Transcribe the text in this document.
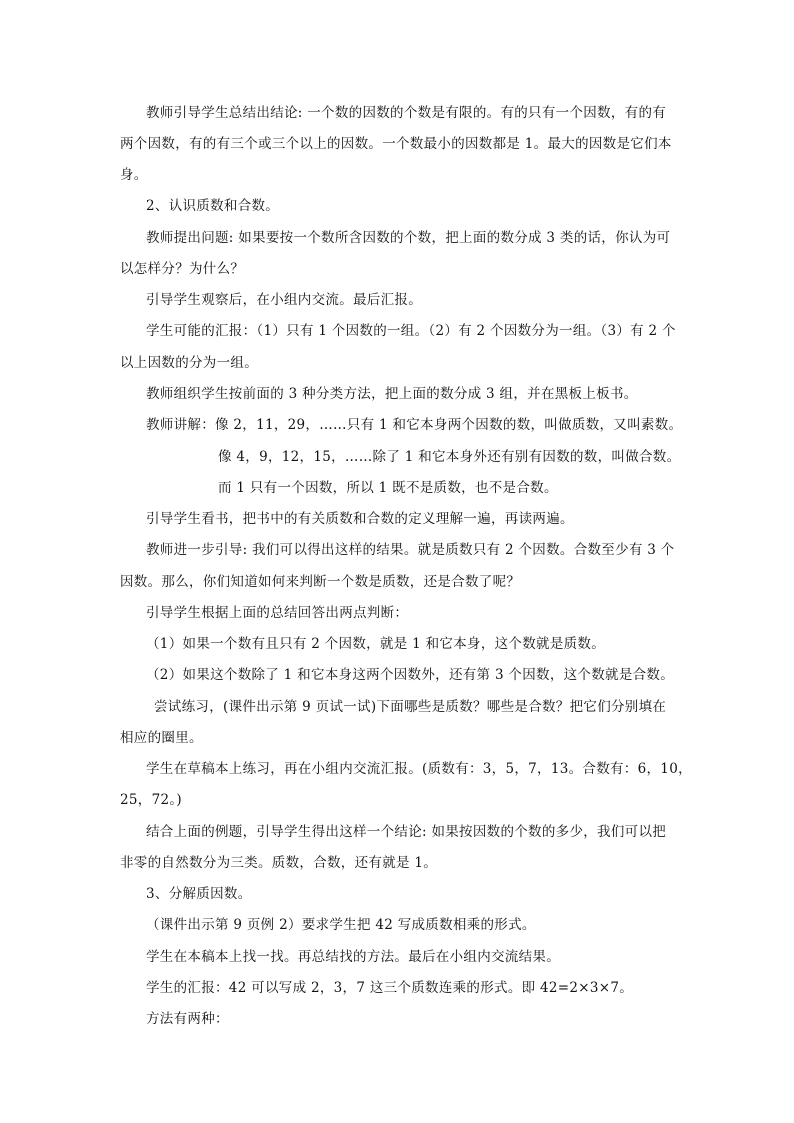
教师引导学生总结出结论: 一个数的因数的个数是有限的。有的只有一个因数，有的有
两个因数，有的有三个或三个以上的因数。一个数最小的因数都是 1。最大的因数是它们本
身。
2、认识质数和合数。
教师提出问题: 如果要按一个数所含因数的个数，把上面的数分成 3 类的话，你认为可
以怎样分？为什么？
引导学生观察后，在小组内交流。最后汇报。
学生可能的汇报：（1）只有 1 个因数的一组。（2）有 2 个因数分为一组。（3）有 2 个
以上因数的分为一组。
教师组织学生按前面的 3 种分类方法，把上面的数分成 3 组，并在黑板上板书。
教师讲解：像 2，11，29，……只有 1 和它本身两个因数的数，叫做质数，又叫素数。
像 4，9，12，15，……除了 1 和它本身外还有别有因数的数，叫做合数。
而 1 只有一个因数，所以 1 既不是质数，也不是合数。
引导学生看书，把书中的有关质数和合数的定义理解一遍，再读两遍。
教师进一步引导: 我们可以得出这样的结果。就是质数只有 2 个因数。合数至少有 3 个
因数。那么，你们知道如何来判断一个数是质数，还是合数了呢？
引导学生根据上面的总结回答出两点判断：
（1）如果一个数有且只有 2 个因数，就是 1 和它本身，这个数就是质数。
（2）如果这个数除了 1 和它本身这两个因数外，还有第 3 个因数，这个数就是合数。
尝试练习，(课件出示第 9 页试一试)下面哪些是质数？哪些是合数？把它们分别填在
相应的圈里。
学生在草稿本上练习，再在小组内交流汇报。(质数有：3，5，7，13。合数有：6，10，
25，72。)
结合上面的例题，引导学生得出这样一个结论: 如果按因数的个数的多少，我们可以把
非零的自然数分为三类。质数，合数，还有就是 1。
3、分解质因数。
（课件出示第 9 页例 2）要求学生把 42 写成质数相乘的形式。
学生在本稿本上找一找。再总结找的方法。最后在小组内交流结果。
学生的汇报：42 可以写成 2，3，7 这三个质数连乘的形式。即 42=2×3×7。
方法有两种：
